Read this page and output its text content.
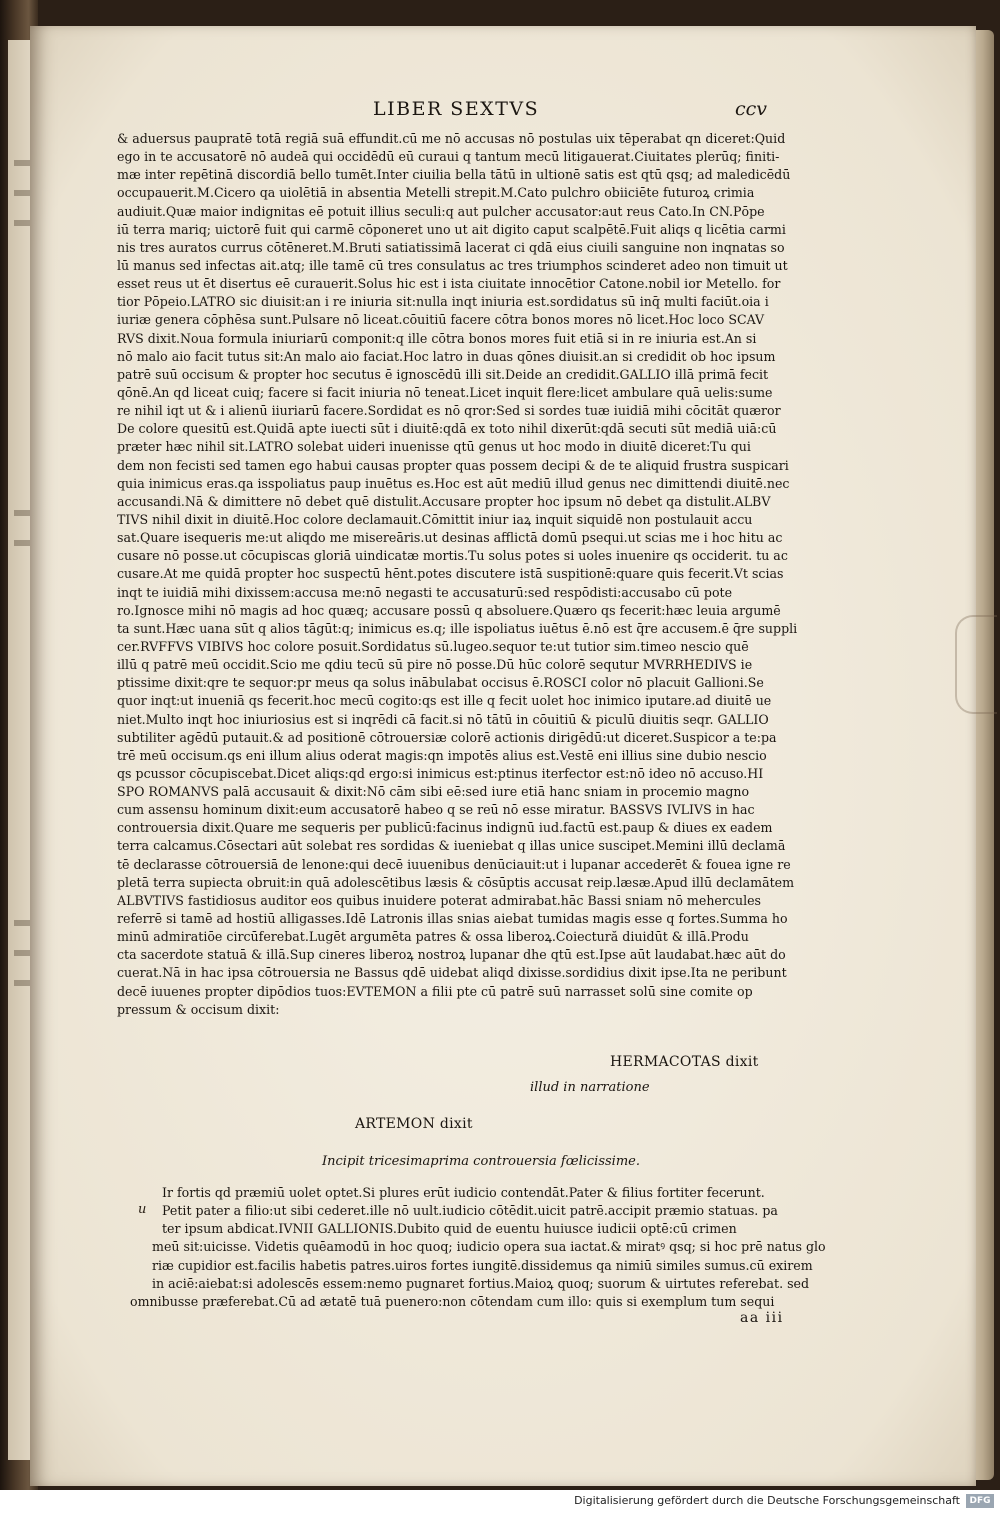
LIBER SEXTVS	ccv
& aduersus paupratē totā regiā suā effundit.cū me nō accusas nō postulas uix tēperabat qn diceret:Quid
ego in te accusatorē nō audeā qui occidēdū eū curaui q tantum mecū litigauerat.Ciuitates plerūq; finiti-
mæ inter repētinā discordiā bello tumēt.Inter ciuilia bella tātū in ultionē satis est qtū qsq; ad maledicēdū
occupauerit.M.Cicero qa uiolētiā in absentia Metelli strepit.M.Cato pulchro obiiciēte futuroꝝ crimia
audiuit.Quæ maior indignitas eē potuit illius seculi:q aut pulcher accusator:aut reus Cato.In CN.Pōpe
iū terra mariq; uictorē fuit qui carmē cōponeret uno ut ait digito caput scalpētē.Fuit aliqs q licētia carmi
nis tres auratos currus cōtēneret.M.Bruti satiatissimā lacerat ci qdā eius ciuili sanguine non inqnatas so
lū manus sed infectas ait.atq; ille tamē cū tres consulatus ac tres triumphos scinderet adeo non timuit ut
esset reus ut ēt disertus eē curauerit.Solus hic est i ista ciuitate innocētior Catone.nobil ior Metello. for
tior Pōpeio.LATRO sic diuisit:an i re iniuria sit:nulla inqt iniuria est.sordidatus sū inq̄ multi faciūt.oia i
iuriæ genera cōphēsa sunt.Pulsare nō liceat.cōuitiū facere cōtra bonos mores nō licet.Hoc loco SCAV
RVS dixit.Noua formula iniuriarū componit:q ille cōtra bonos mores fuit etiā si in re iniuria est.An si
nō malo aio facit tutus sit:An malo aio faciat.Hoc latro in duas qōnes diuisit.an si credidit ob hoc ipsum
patrē suū occisum & propter hoc secutus ē ignoscēdū illi sit.Deide an credidit.GALLIO illā primā fecit
qōnē.An qd liceat cuiq; facere si facit iniuria nō teneat.Licet inquit flere:licet ambulare quā uelis:sume
re nihil iqt ut & i alienū iiuriarū facere.Sordidat es nō qror:Sed si sordes tuæ iuidiā mihi cōcitāt quæror
De colore quesitū est.Quidā apte iuecti sūt i diuitē:qdā ex toto nihil dixerūt:qdā secuti sūt mediā uiā:cū
præter hæc nihil sit.LATRO solebat uideri inuenisse qtū genus ut hoc modo in diuitē diceret:Tu qui
dem non fecisti sed tamen ego habui causas propter quas possem decipi & de te aliquid frustra suspicari
quia inimicus eras.qa isspoliatus paup inuētus es.Hoc est aūt mediū illud genus nec dimittendi diuitē.nec
accusandi.Nā & dimittere nō debet quē distulit.Accusare propter hoc ipsum nō debet qa distulit.ALBV
TIVS nihil dixit in diuitē.Hoc colore declamauit.Cōmittit iniur iaꝝ inquit siquidē non postulauit accu
sat.Quare isequeris me:ut aliqdo me misereāris.ut desinas afflictā domū psequi.ut scias me i hoc hitu ac
cusare nō posse.ut cōcupiscas gloriā uindicatæ mortis.Tu solus potes si uoles inuenire qs occiderit. tu ac
cusare.At me quidā propter hoc suspectū hēnt.potes discutere istā suspitionē:quare quis fecerit.Vt scias
inqt te iuidiā mihi dixissem:accusa me:nō negasti te accusaturū:sed respōdisti:accusabo cū pote
ro.Ignosce mihi nō magis ad hoc quæq; accusare possū q absoluere.Quæro qs fecerit:hæc leuia argumē
ta sunt.Hæc uana sūt q alios tāgūt:q; inimicus es.q; ille ispoliatus iuētus ē.nō est q̄re accusem.ē q̄re suppli
cer.RVFFVS VIBIVS hoc colore posuit.Sordidatus sū.lugeo.sequor te:ut tutior sim.timeo nescio quē
illū q patrē meū occidit.Scio me qdiu tecū sū pire nō posse.Dū hūc colorē sequtur MVRRHEDIVS ie
ptissime dixit:qre te sequor:pr meus qa solus inābulabat occisus ē.ROSCI color nō placuit Gallioni.Se
quor inqt:ut inueniā qs fecerit.hoc mecū cogito:qs est ille q fecit uolet hoc inimico iputare.ad diuitē ue
niet.Multo inqt hoc iniuriosius est si inqrēdi cā facit.si nō tātū in cōuitiū & piculū diuitis seqr. GALLIO
subtiliter agēdū putauit.& ad positionē cōtrouersiæ colorē actionis dirigēdū:ut diceret.Suspicor a te:pa
trē meū occisum.qs eni illum alius oderat magis:qn impotēs alius est.Vestē eni illius sine dubio nescio
qs pcussor cōcupiscebat.Dicet aliqs:qd ergo:si inimicus est:ptinus iterfector est:nō ideo nō accuso.HI
SPO ROMANVS palā accusauit & dixit:Nō cām sibi eē:sed iure etiā hanc sniam in procemio magno
cum assensu hominum dixit:eum accusatorē habeo q se reū nō esse miratur. BASSVS IVLIVS in hac
controuersia dixit.Quare me sequeris per publicū:facinus indignū iud.factū est.paup & diues ex eadem
terra calcamus.Cōsectari aūt solebat res sordidas & iueniebat q illas unice suscipet.Memini illū declamā
tē declarasse cōtrouersiā de lenone:qui decē iuuenibus denūciauit:ut i lupanar accederēt & fouea igne re
pletā terra supiecta obruit:in quā adolescētibus læsis & cōsūptis accusat reip.læsæ.Apud illū declamātem
ALBVTIVS fastidiosus auditor eos quibus inuidere poterat admirabat.hāc Bassi sniam nō mehercules
referrē si tamē ad hostiū alligasses.Idē Latronis illas snias aiebat tumidas magis esse q fortes.Summa ho
minū admiratiōe circūferebat.Lugēt argumēta patres & ossa liberoꝝ.Coiectură diuidūt & illā.Produ
cta sacerdote statuā & illā.Sup cineres liberoꝝ nostroꝝ lupanar dhe qtū est.Ipse aūt laudabat.hæc aūt do
cuerat.Nā in hac ipsa cōtrouersia ne Bassus qdē uidebat aliqd dixisse.sordidius dixit ipse.Ita ne peribunt
decē iuuenes propter dipōdios tuos:EVTEMON a filii pte cū patrē suū narrasset solū sine comite op
pressum & occisum dixit:
HERMACOTAS dixit
illud in narratione
ARTEMON dixit
Incipit tricesimaprima controuersia fœlicissime.
u
Ir fortis qd præmiū uolet optet.Si plures erūt iudicio contendāt.Pater & filius fortiter fecerunt.
Petit pater a filio:ut sibi cederet.ille nō uult.iudicio cōtēdit.uicit patrē.accipit præmio statuas. pa
ter ipsum abdicat.IVNII GALLIONIS.Dubito quid de euentu huiusce iudicii optē:cū crimen
meū sit:uicisse. Videtis quēamodū in hoc quoq; iudicio opera sua iactat.& miratꝰ qsq; si hoc prē natus glo
riæ cupidior est.facilis habetis patres.uiros fortes iungitē.dissidemus qa nimiū similes sumus.cū exirem
in aciē:aiebat:si adolescēs essem:nemo pugnaret fortius.Maioꝝ quoq; suorum & uirtutes referebat. sed
omnibusse præferebat.Cū ad ætatē tuā puenero:non cōtendam cum illo: quis si exemplum tum sequi
aa iii
Digitalisierung gefördert durch die Deutsche Forschungsgemeinschaft	DFG
